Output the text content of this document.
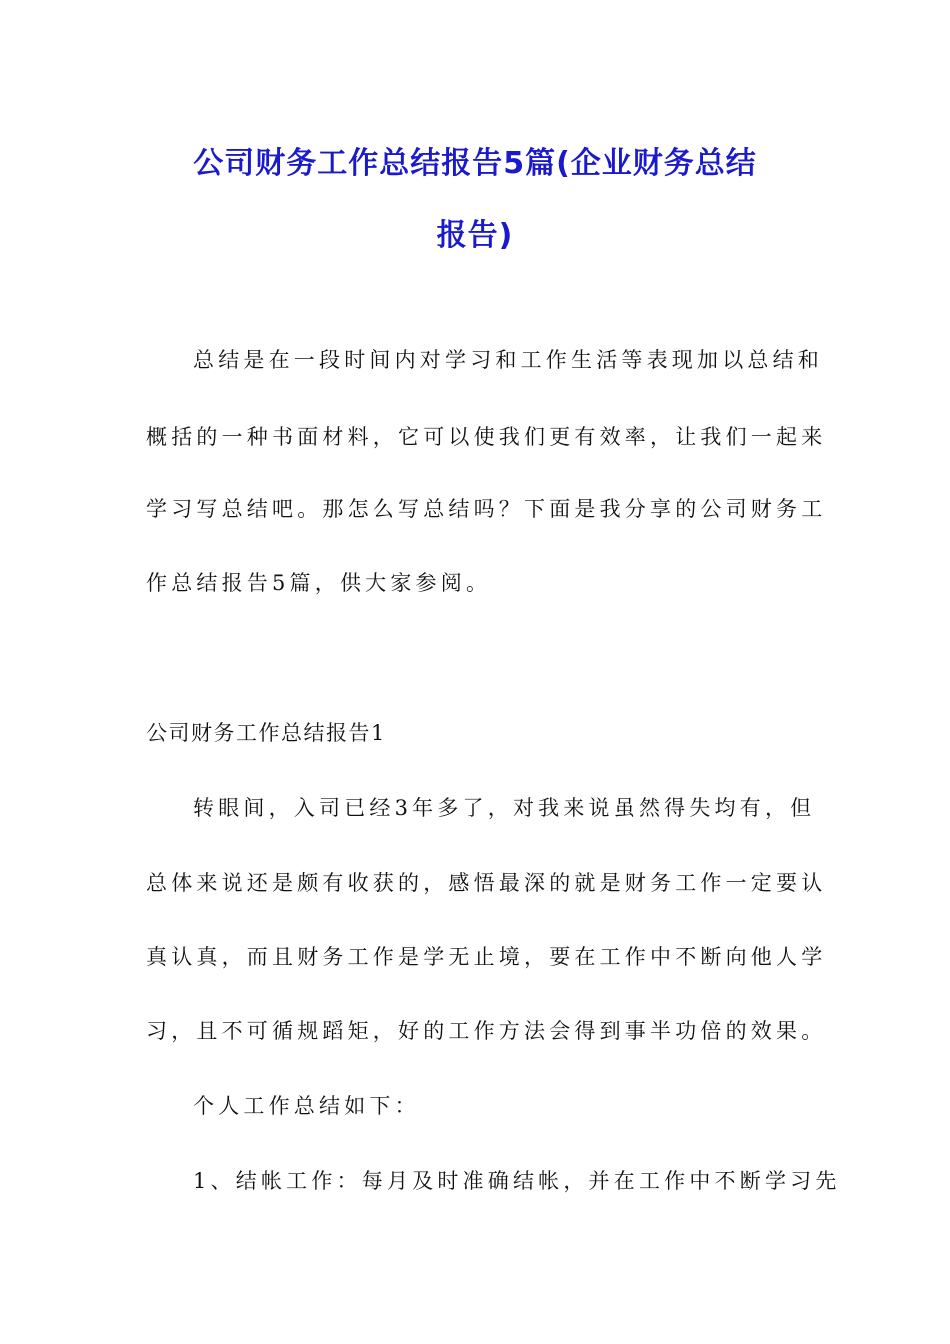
公司财务工作总结报告5篇(企业财务总结
报告)
总结是在一段时间内对学习和工作生活等表现加以总结和
概括的一种书面材料，它可以使我们更有效率，让我们一起来
学习写总结吧。那怎么写总结吗？下面是我分享的公司财务工
作总结报告5篇，供大家参阅。
公司财务工作总结报告1
转眼间，入司已经3年多了，对我来说虽然得失均有，但
总体来说还是颇有收获的，感悟最深的就是财务工作一定要认
真认真，而且财务工作是学无止境，要在工作中不断向他人学
习，且不可循规蹈矩，好的工作方法会得到事半功倍的效果。
个人工作总结如下：
1、结帐工作：每月及时准确结帐，并在工作中不断学习先
